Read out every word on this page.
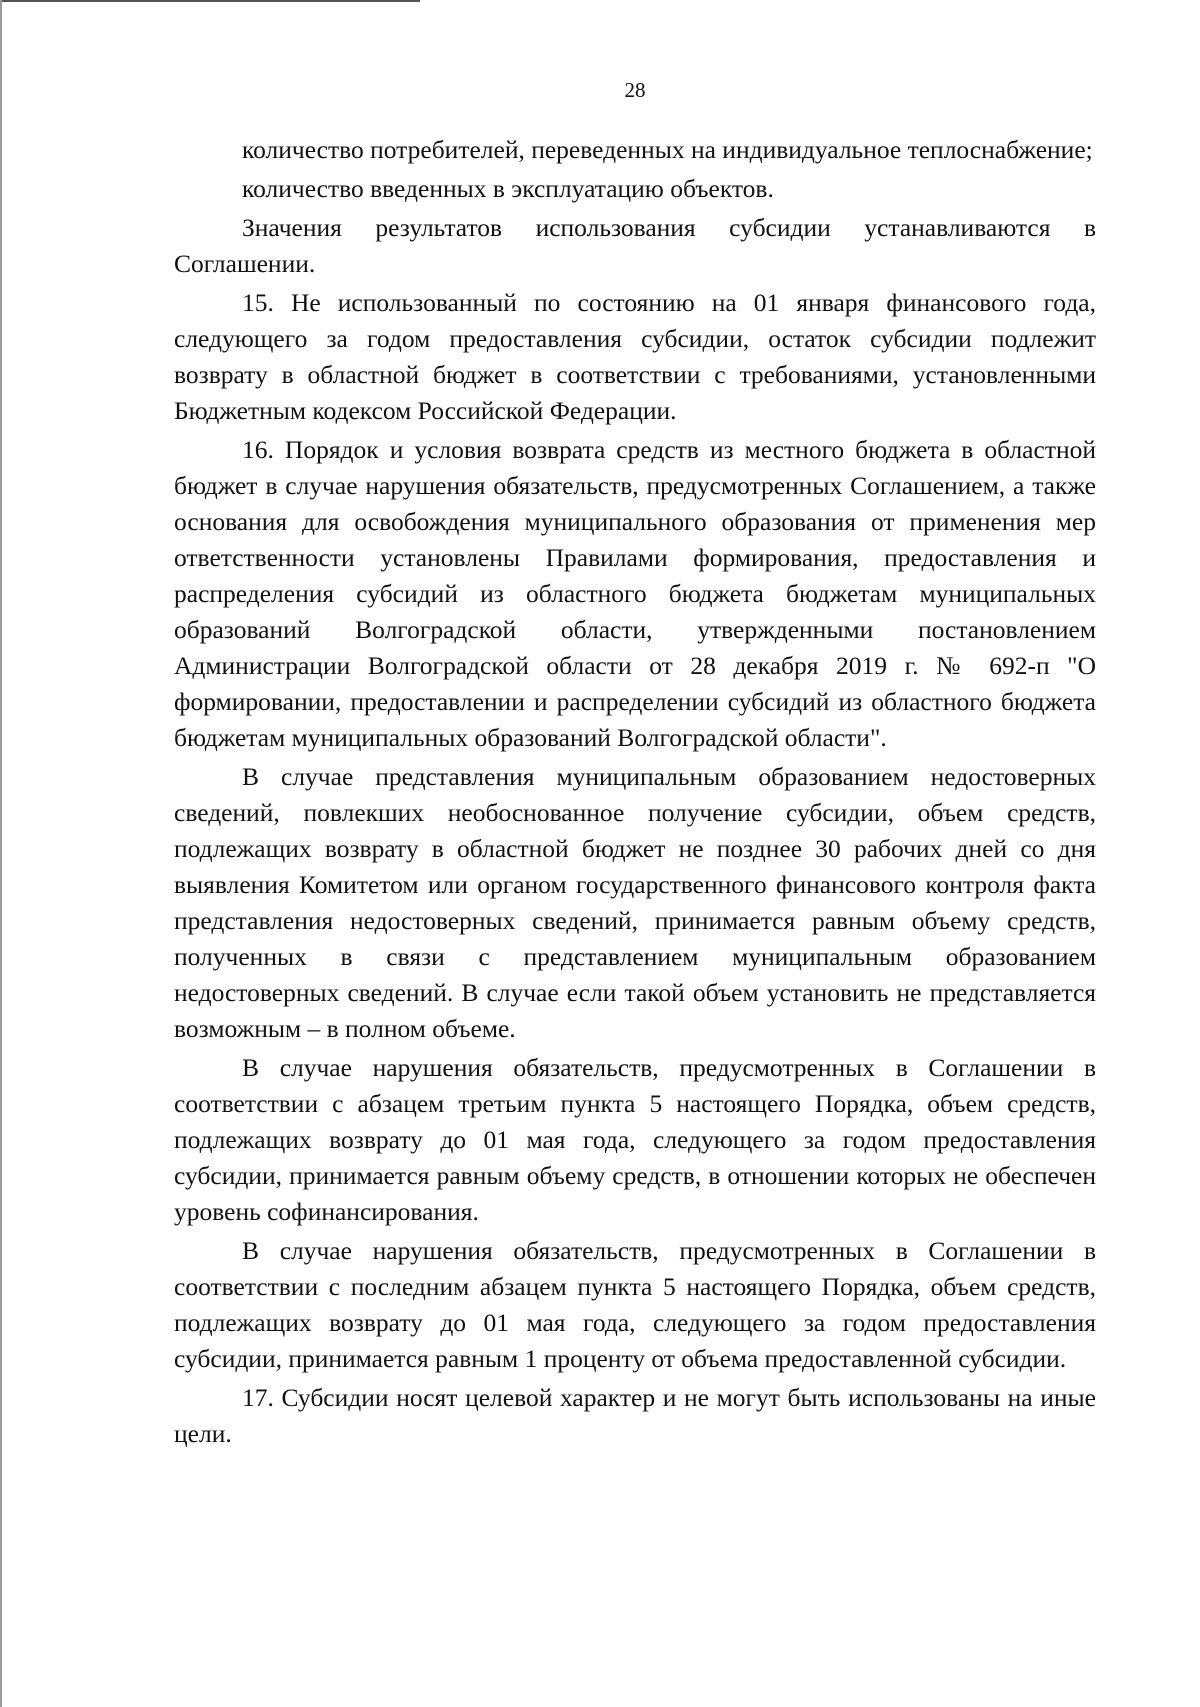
28

количество потребителей, переведенных на индивидуальное теплоснабжение;

количество введенных в эксплуатацию объектов.

Значения результатов использования субсидии устанавливаются в Соглашении.

15. Не использованный по состоянию на 01 января финансового года, следующего за годом предоставления субсидии, остаток субсидии подлежит возврату в областной бюджет в соответствии с требованиями, установленными Бюджетным кодексом Российской Федерации.

16. Порядок и условия возврата средств из местного бюджета в областной бюджет в случае нарушения обязательств, предусмотренных Соглашением, а также основания для освобождения муниципального образования от применения мер ответственности установлены Правилами формирования, предоставления и распределения субсидий из областного бюджета бюджетам муниципальных образований Волгоградской области, утвержденными постановлением Администрации Волгоградской области от 28 декабря 2019 г. № 692-п "О формировании, предоставлении и распределении субсидий из областного бюджета бюджетам муниципальных образований Волгоградской области".

В случае представления муниципальным образованием недостоверных сведений, повлекших необоснованное получение субсидии, объем средств, подлежащих возврату в областной бюджет не позднее 30 рабочих дней со дня выявления Комитетом или органом государственного финансового контроля факта представления недостоверных сведений, принимается равным объему средств, полученных в связи с представлением муниципальным образованием недостоверных сведений. В случае если такой объем установить не представляется возможным – в полном объеме.

В случае нарушения обязательств, предусмотренных в Соглашении в соответствии с абзацем третьим пункта 5 настоящего Порядка, объем средств, подлежащих возврату до 01 мая года, следующего за годом предоставления субсидии, принимается равным объему средств, в отношении которых не обеспечен уровень софинансирования.

В случае нарушения обязательств, предусмотренных в Соглашении в соответствии с последним абзацем пункта 5 настоящего Порядка, объем средств, подлежащих возврату до 01 мая года, следующего за годом предоставления субсидии, принимается равным 1 проценту от объема предоставленной субсидии.

17. Субсидии носят целевой характер и не могут быть использованы на иные цели.
